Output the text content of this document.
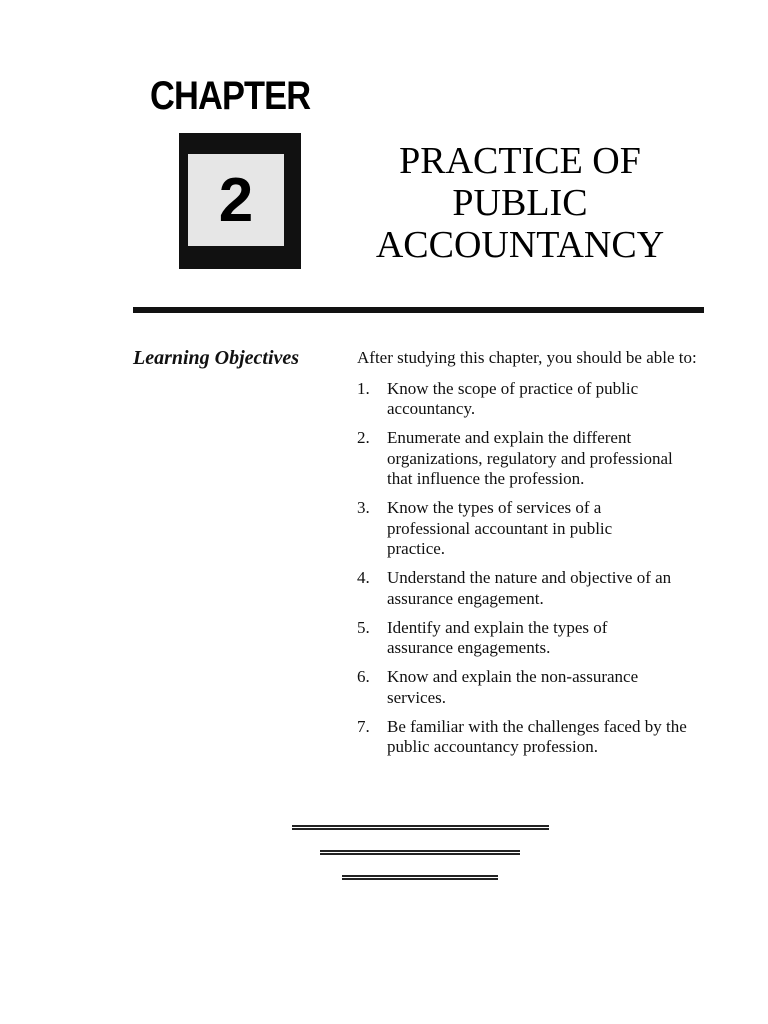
CHAPTER
2
PRACTICE OF
PUBLIC
ACCOUNTANCY
Learning Objectives	After studying this chapter, you should be able to:
1.	Know the scope of practice of public accountancy.
2.	Enumerate and explain the different organizations, regulatory and professional that influence the profession.
3.	Know the types of services of a professional accountant in public practice.
4.	Understand the nature and objective of an assurance engagement.
5.	Identify and explain the types of assurance engagements.
6.	Know and explain the non-assurance services.
7.	Be familiar with the challenges faced by the public accountancy profession.
